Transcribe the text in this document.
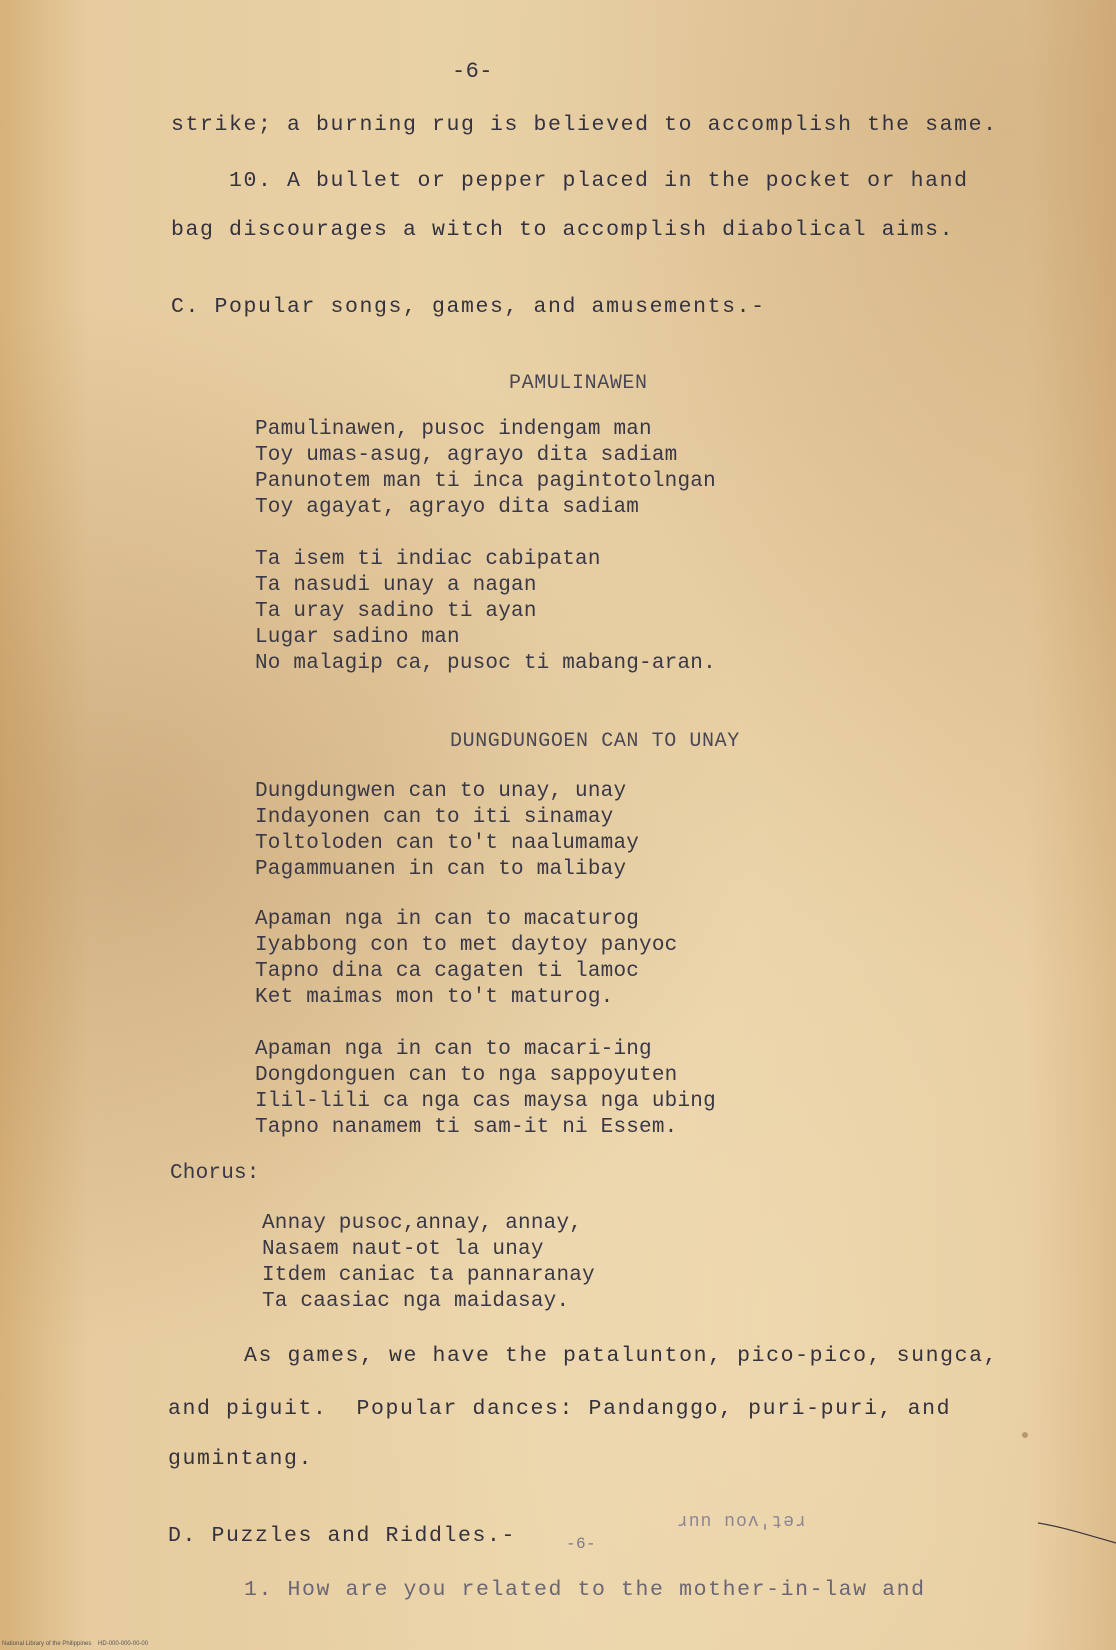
-6-
strike; a burning rug is believed to accomplish the same.
10. A bullet or pepper placed in the pocket or hand
bag discourages a witch to accomplish diabolical aims.
C. Popular songs, games, and amusements.-
PAMULINAWEN
Pamulinawen, pusoc indengam man
Toy umas-asug, agrayo dita sadiam
Panunotem man ti inca pagintotolngan
Toy agayat, agrayo dita sadiam
Ta isem ti indiac cabipatan
Ta nasudi unay a nagan
Ta uray sadino ti ayan
Lugar sadino man
No malagip ca, pusoc ti mabang-aran.
DUNGDUNGOEN CAN TO UNAY
Dungdungwen can to unay, unay
Indayonen can to iti sinamay
Toltoloden can to't naalumamay
Pagammuanen in can to malibay
Apaman nga in can to macaturog
Iyabbong con to met daytoy panyoc
Tapno dina ca cagaten ti lamoc
Ket maimas mon to't maturog.
Apaman nga in can to macari-ing
Dongdonguen can to nga sappoyuten
Ilil-lili ca nga cas maysa nga ubing
Tapno nanamem ti sam-it ni Essem.
Chorus:
Annay pusoc,annay, annay,
Nasaem naut-ot la unay
Itdem caniac ta pannaranay
Ta caasiac nga maidasay.
As games, we have the patalunton, pico-pico, sungca,
and piguit.  Popular dances: Pandanggo, puri-puri, and
gumintang.
D. Puzzles and Riddles.-
1. How are you related to the mother-in-law and
-6-
ret'vou uur
National Library of the Philippines    HD-000-000-00-00
